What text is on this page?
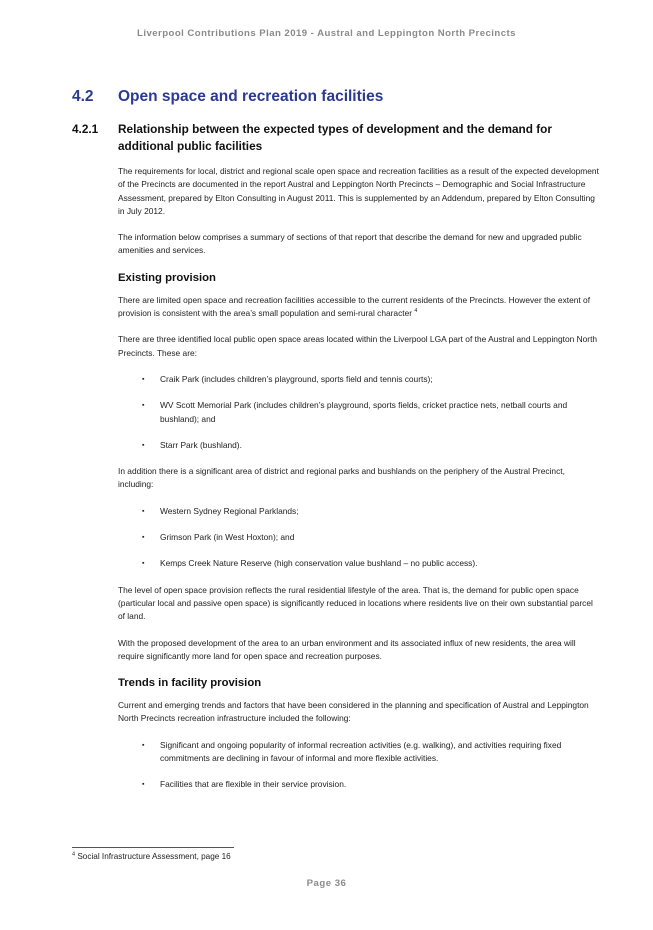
Liverpool Contributions Plan 2019 - Austral and Leppington North Precincts
4.2 Open space and recreation facilities
4.2.1 Relationship between the expected types of development and the demand for additional public facilities

The requirements for local, district and regional scale open space and recreation facilities as a result of the expected development of the Precincts are documented in the report Austral and Leppington North Precincts – Demographic and Social Infrastructure Assessment, prepared by Elton Consulting in August 2011. This is supplemented by an Addendum, prepared by Elton Consulting in July 2012.

The information below comprises a summary of sections of that report that describe the demand for new and upgraded public amenities and services.

Existing provision

There are limited open space and recreation facilities accessible to the current residents of the Precincts. However the extent of provision is consistent with the area’s small population and semi-rural character $^4$

There are three identified local public open space areas located within the Liverpool LGA part of the Austral and Leppington North Precincts. These are:

▪ Craik Park (includes children’s playground, sports field and tennis courts);
▪ WV Scott Memorial Park (includes children’s playground, sports fields, cricket practice nets, netball courts and bushland); and
▪ Starr Park (bushland).

In addition there is a significant area of district and regional parks and bushlands on the periphery of the Austral Precinct, including:

▪ Western Sydney Regional Parklands;
▪ Grimson Park (in West Hoxton); and
▪ Kemps Creek Nature Reserve (high conservation value bushland – no public access).

The level of open space provision reflects the rural residential lifestyle of the area. That is, the demand for public open space (particular local and passive open space) is significantly reduced in locations where residents live on their own substantial parcel of land.

With the proposed development of the area to an urban environment and its associated influx of new residents, the area will require significantly more land for open space and recreation purposes.

Trends in facility provision

Current and emerging trends and factors that have been considered in the planning and specification of Austral and Leppington North Precincts recreation infrastructure included the following:

▪ Significant and ongoing popularity of informal recreation activities (e.g. walking), and activities requiring fixed commitments are declining in favour of informal and more flexible activities.
▪ Facilities that are flexible in their service provision.
$^4$ Social Infrastructure Assessment, page 16
Page 36
